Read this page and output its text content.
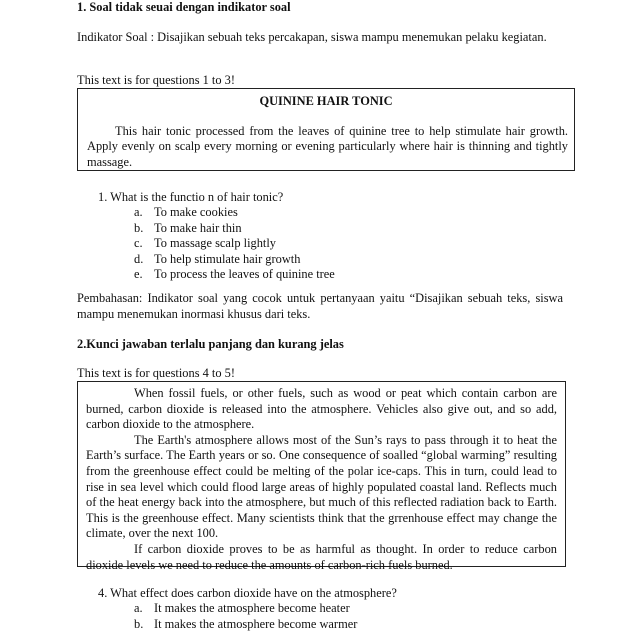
1. Soal tidak seuai dengan indikator soal
Indikator Soal : Disajikan sebuah teks percakapan, siswa mampu menemukan pelaku kegiatan.
This text is for questions 1 to 3!
QUININE HAIR TONIC
This hair tonic processed from the leaves of quinine tree to help stimulate hair growth. Apply evenly on scalp every morning or evening particularly where hair is thinning and tightly massage.
1. What is the functio n of hair tonic?
a. To make cookies
b. To make hair thin
c. To massage scalp lightly
d. To help stimulate hair growth
e. To process the leaves of quinine tree
Pembahasan: Indikator soal yang cocok untuk pertanyaan yaitu “Disajikan sebuah teks, siswa mampu menemukan inormasi khusus dari teks.
2.Kunci jawaban terlalu panjang dan kurang jelas
This text is for questions 4 to 5!
When fossil fuels, or other fuels, such as wood or peat which contain carbon are burned, carbon dioxide is released into the atmosphere. Vehicles also give out, and so add, carbon dioxide to the atmosphere.
The Earth's atmosphere allows most of the Sun’s rays to pass through it to heat the Earth’s surface. The Earth years or so. One consequence of soalled “global warming” resulting from the greenhouse effect could be melting of the polar ice-caps. This in turn, could lead to rise in sea level which could flood large areas of highly populated coastal land. Reflects much of the heat energy back into the atmosphere, but much of this reflected radiation back to Earth. This is the greenhouse effect. Many scientists think that the grrenhouse effect may change the climate, over the next 100.
If carbon dioxide proves to be as harmful as thought. In order to reduce carbon dioxide levels we need to reduce the amounts of carbon-rich fuels burned.
4. What effect does carbon dioxide have on the atmosphere?
a. It makes the atmosphere become heater
b. It makes the atmosphere become warmer
